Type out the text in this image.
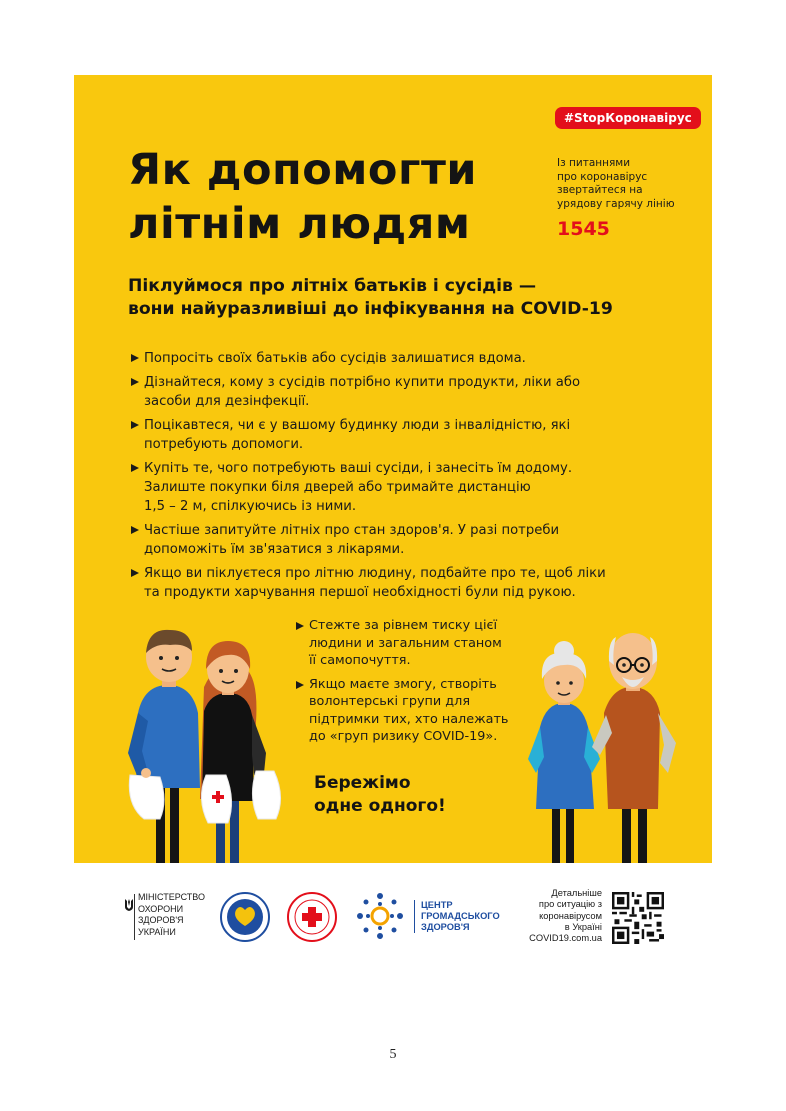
Як допомогти
літнім людям
#StopКоронавірус
Із питаннями
про коронавірус
звертайтеся на
урядову гарячу лінію
1545
Піклуймося про літніх батьків і сусідів —
вони найуразливіші до інфікування на COVID-19
Попросіть своїх батьків або сусідів залишатися вдома.
Дізнайтеся, кому з сусідів потрібно купити продукти, ліки або
засоби для дезінфекції.
Поцікавтеся, чи є у вашому будинку люди з інвалідністю, які
потребують допомоги.
Купіть те, чого потребують ваші сусіди, і занесіть їм додому.
Залиште покупки біля дверей або тримайте дистанцію
1,5 – 2 м, спілкуючись із ними.
Частіше запитуйте літніх про стан здоров'я. У разі потреби
допоможіть їм зв'язатися з лікарями.
Якщо ви піклуєтеся про літню людину, подбайте про те, щоб ліки
та продукти харчування першої необхідності були під рукою.
Стежте за рівнем тиску цієї
людини и загальним станом
її самопочуття.
Якщо маєте змогу, створіть
волонтерські групи для
підтримки тих, хто належать
до «груп ризику COVID-19».
Бережімо
одне одного!
МІНІСТЕРСТВО
ОХОРОНИ
ЗДОРОВ'Я
УКРАЇНИ
ЦЕНТР
ГРОМАДСЬКОГО
ЗДОРОВ'Я
Детальніше
про ситуацію з
коронавірусом
в Україні
COVID19.com.ua
5
